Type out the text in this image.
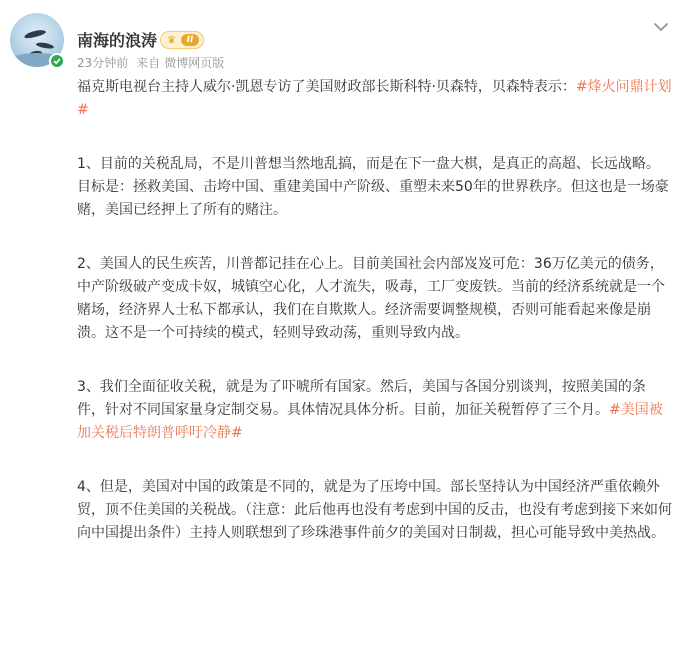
南海的浪涛 ♛	II
23分钟前 来自 微博网页版

福克斯电视台主持人威尔·凯恩专访了美国财政部长斯科特·贝森特，贝森特表示：#烽火问鼎计划#

1、目前的关税乱局，不是川普想当然地乱搞，而是在下一盘大棋，是真正的高超、长远战略。目标是：拯救美国、击垮中国、重建美国中产阶级、重塑未来50年的世界秩序。但这也是一场豪赌，美国已经押上了所有的赌注。

2、美国人的民生疾苦，川普都记挂在心上。目前美国社会内部岌岌可危：36万亿美元的债务，中产阶级破产变成卡奴，城镇空心化，人才流失，吸毒，工厂变废铁。当前的经济系统就是一个赌场，经济界人士私下都承认，我们在自欺欺人。经济需要调整规模，否则可能看起来像是崩溃。这不是一个可持续的模式，轻则导致动荡，重则导致内战。

3、我们全面征收关税，就是为了吓唬所有国家。然后，美国与各国分别谈判，按照美国的条件，针对不同国家量身定制交易。具体情况具体分析。目前，加征关税暂停了三个月。#美国被加关税后特朗普呼吁冷静#

4、但是，美国对中国的政策是不同的，就是为了压垮中国。部长坚持认为中国经济严重依赖外贸，顶不住美国的关税战。（注意：此后他再也没有考虑到中国的反击，也没有考虑到接下来如何向中国提出条件）主持人则联想到了珍珠港事件前夕的美国对日制裁，担心可能导致中美热战。
